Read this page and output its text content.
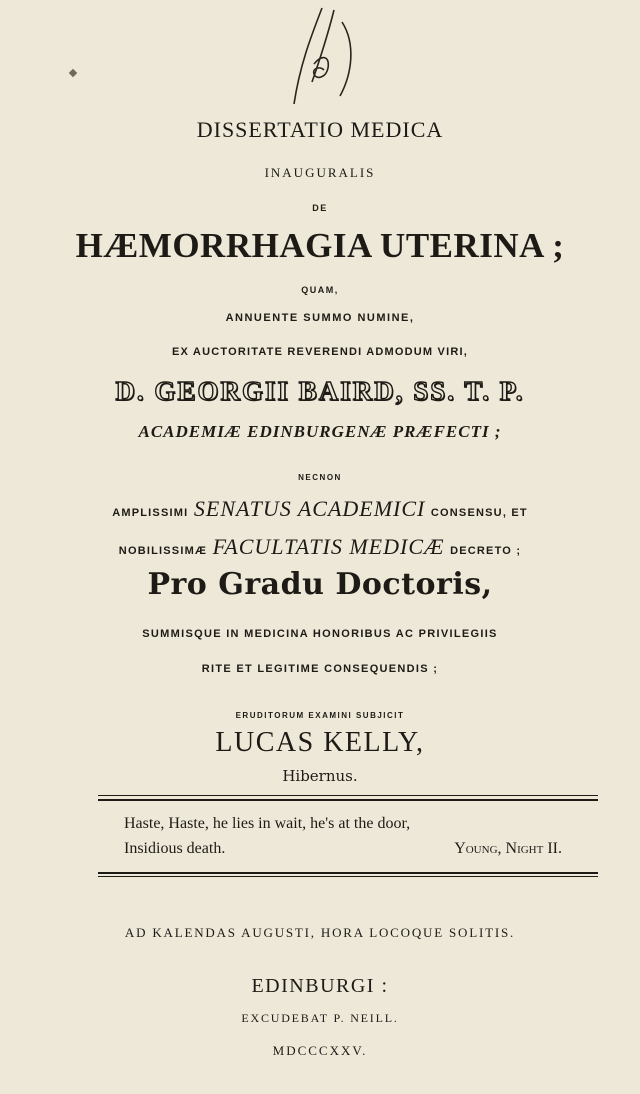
DISSERTATIO MEDICA
INAUGURALIS
DE
HÆMORRHAGIA UTERINA ;
QUAM,
ANNUENTE SUMMO NUMINE,
EX AUCTORITATE REVERENDI ADMODUM VIRI,
D. GEORGII BAIRD, SS. T. P.
ACADEMIÆ EDINBURGENÆ PRÆFECTI ;
NECNON
AMPLISSIMI SENATUS ACADEMICI CONSENSU, ET
NOBILISSIMÆ FACULTATIS MEDICÆ DECRETO ;
Pro Gradu Doctoris,
SUMMISQUE IN MEDICINA HONORIBUS AC PRIVILEGIIS
RITE ET LEGITIME CONSEQUENDIS ;
ERUDITORUM EXAMINI SUBJICIT
LUCAS KELLY,
Hibernus.
Haste, Haste, he lies in wait, he's at the door,
Insidious death.	Young, Night II.
AD KALENDAS AUGUSTI, HORA LOCOQUE SOLITIS.
EDINBURGI :
EXCUDEBAT P. NEILL.
MDCCCXXV.
